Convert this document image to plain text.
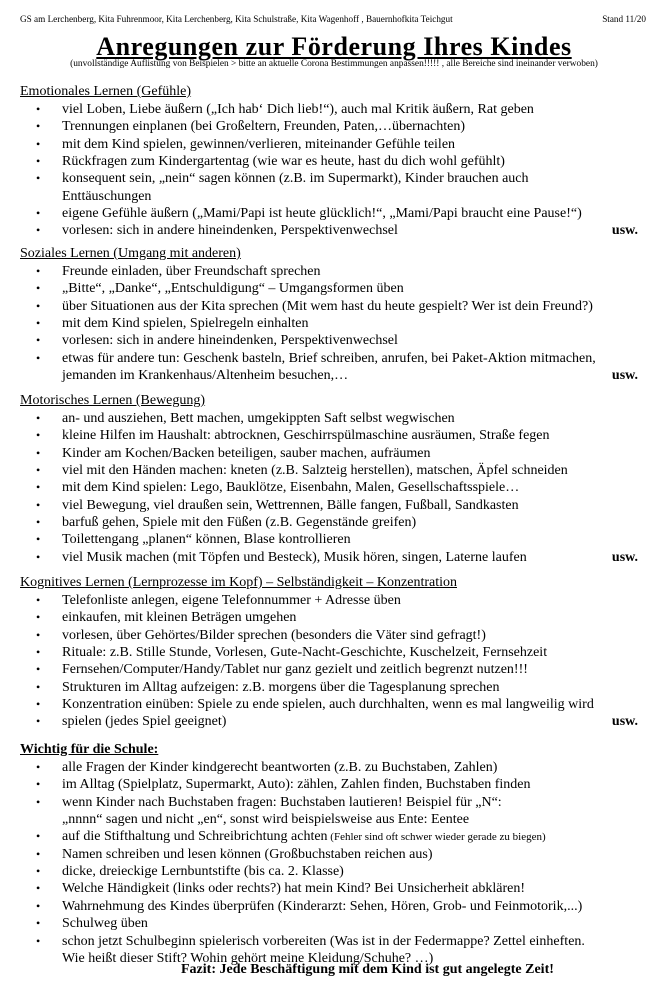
GS am Lerchenberg, Kita Fuhrenmoor, Kita Lerchenberg, Kita Schulstraße, Kita Wagenhoff , Bauernhofkita Teichgut	Stand 11/20
Anregungen zur Förderung Ihres Kindes
(unvollständige Auflistung von Beispielen > bitte an aktuelle Corona Bestimmungen anpassen!!!!! , alle Bereiche sind ineinander verwoben)
Emotionales Lernen (Gefühle)
• viel Loben, Liebe äußern („Ich hab‘ Dich lieb!“), auch mal Kritik äußern, Rat geben
• Trennungen einplanen (bei Großeltern, Freunden, Paten,…übernachten)
• mit dem Kind spielen, gewinnen/verlieren, miteinander Gefühle teilen
• Rückfragen zum Kindergartentag (wie war es heute, hast du dich wohl gefühlt)
• konsequent sein, „nein“ sagen können (z.B. im Supermarkt), Kinder brauchen auch
Enttäuschungen
• eigene Gefühle äußern („Mami/Papi ist heute glücklich!“, „Mami/Papi braucht eine Pause!“)
• vorlesen: sich in andere hineindenken, Perspektivenwechsel	usw.
Soziales Lernen (Umgang mit anderen)
• Freunde einladen, über Freundschaft sprechen
• „Bitte“, „Danke“, „Entschuldigung“ – Umgangsformen üben
• über Situationen aus der Kita sprechen (Mit wem hast du heute gespielt? Wer ist dein Freund?)
• mit dem Kind spielen, Spielregeln einhalten
• vorlesen: sich in andere hineindenken, Perspektivenwechsel
• etwas für andere tun: Geschenk basteln, Brief schreiben, anrufen, bei Paket-Aktion mitmachen,
jemanden im Krankenhaus/Altenheim besuchen,…	usw.
Motorisches Lernen (Bewegung)
• an- und ausziehen, Bett machen, umgekippten Saft selbst wegwischen
• kleine Hilfen im Haushalt: abtrocknen, Geschirrspülmaschine ausräumen, Straße fegen
• Kinder am Kochen/Backen beteiligen, sauber machen, aufräumen
• viel mit den Händen machen: kneten (z.B. Salzteig herstellen), matschen, Äpfel schneiden
• mit dem Kind spielen: Lego, Bauklötze, Eisenbahn, Malen, Gesellschaftsspiele…
• viel Bewegung, viel draußen sein, Wettrennen, Bälle fangen, Fußball, Sandkasten
• barfuß gehen, Spiele mit den Füßen (z.B. Gegenstände greifen)
• Toilettengang „planen“ können, Blase kontrollieren
• viel Musik machen (mit Töpfen und Besteck), Musik hören, singen, Laterne laufen	usw.
Kognitives Lernen (Lernprozesse im Kopf) – Selbständigkeit – Konzentration
• Telefonliste anlegen, eigene Telefonnummer + Adresse üben
• einkaufen, mit kleinen Beträgen umgehen
• vorlesen, über Gehörtes/Bilder sprechen (besonders die Väter sind gefragt!)
• Rituale: z.B. Stille Stunde, Vorlesen, Gute-Nacht-Geschichte, Kuschelzeit, Fernsehzeit
• Fernsehen/Computer/Handy/Tablet nur ganz gezielt und zeitlich begrenzt nutzen!!!
• Strukturen im Alltag aufzeigen: z.B. morgens über die Tagesplanung sprechen
• Konzentration einüben: Spiele zu ende spielen, auch durchhalten, wenn es mal langweilig wird
• spielen (jedes Spiel geeignet)	usw.
Wichtig für die Schule:
• alle Fragen der Kinder kindgerecht beantworten (z.B. zu Buchstaben, Zahlen)
• im Alltag (Spielplatz, Supermarkt, Auto): zählen, Zahlen finden, Buchstaben finden
• wenn Kinder nach Buchstaben fragen: Buchstaben lautieren! Beispiel für „N“:
„nnnn“ sagen und nicht „en“, sonst wird beispielsweise aus Ente: Eentee
• auf die Stifthaltung und Schreibrichtung achten (Fehler sind oft schwer wieder gerade zu biegen)
• Namen schreiben und lesen können (Großbuchstaben reichen aus)
• dicke, dreieckige Lernbuntstifte (bis ca. 2. Klasse)
• Welche Händigkeit (links oder rechts?) hat mein Kind? Bei Unsicherheit abklären!
• Wahrnehmung des Kindes überprüfen (Kinderarzt: Sehen, Hören, Grob- und Feinmotorik,...)
• Schulweg üben
• schon jetzt Schulbeginn spielerisch vorbereiten (Was ist in der Federmappe? Zettel einheften.
Wie heißt dieser Stift? Wohin gehört meine Kleidung/Schuhe? …)
Fazit: Jede Beschäftigung mit dem Kind ist gut angelegte Zeit!
